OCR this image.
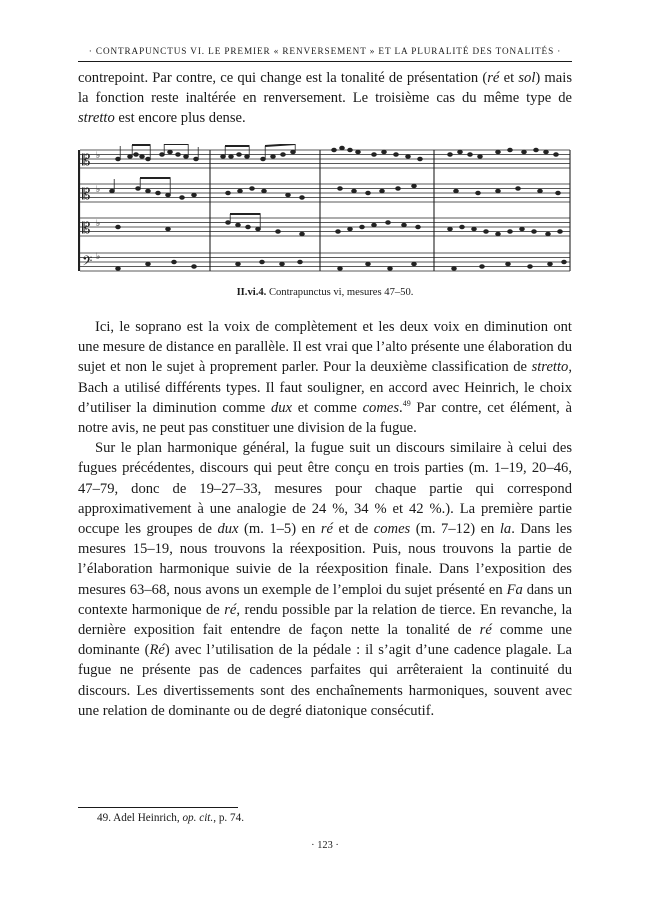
· CONTRAPUNCTUS VI. LE PREMIER « RENVERSEMENT » ET LA PLURALITÉ DES TONALITÉS ·

contrepoint. Par contre, ce qui change est la tonalité de présentation (ré et sol) mais la fonction reste inaltérée en renversement. Le troisième cas du même type de stretto est encore plus dense.

𝄡
𝄡
𝄡
𝄢
♭
♭
♭
♭
II.vi.4. Contrapunctus vi, mesures 47–50.

Ici, le soprano est la voix de complètement et les deux voix en diminution ont une mesure de distance en parallèle. Il est vrai que l’alto présente une élaboration du sujet et non le sujet à proprement parler. Pour la deuxième classification de stretto, Bach a utilisé différents types. Il faut souligner, en accord avec Heinrich, le choix d’utiliser la diminution comme dux et comme comes.$^{49}$ Par contre, cet élément, à notre avis, ne peut pas constituer une division de la fugue.

Sur le plan harmonique général, la fugue suit un discours similaire à celui des fugues précédentes, discours qui peut être conçu en trois parties (m. 1–19, 20–46, 47–79, donc de 19–27–33, mesures pour chaque partie qui correspond approximativement à une analogie de 24 %, 34 % et 42 %.). La première partie occupe les groupes de dux (m. 1–5) en ré et de comes (m. 7–12) en la. Dans les mesures 15–19, nous trouvons la réexposition. Puis, nous trouvons la partie de l’élaboration harmonique suivie de la réexposition finale. Dans l’exposition des mesures 63–68, nous avons un exemple de l’emploi du sujet présenté en Fa dans un contexte harmonique de ré, rendu possible par la relation de tierce. En revanche, la dernière exposition fait entendre de façon nette la tonalité de ré comme une dominante (Ré) avec l’utilisation de la pédale : il s’agit d’une cadence plagale. La fugue ne présente pas de cadences parfaites qui arrêteraient la continuité du discours. Les divertissements sont des enchaînements harmoniques, souvent avec une relation de dominante ou de degré diatonique consécutif.

49. Adel Heinrich, op. cit., p. 74.
· 123 ·
